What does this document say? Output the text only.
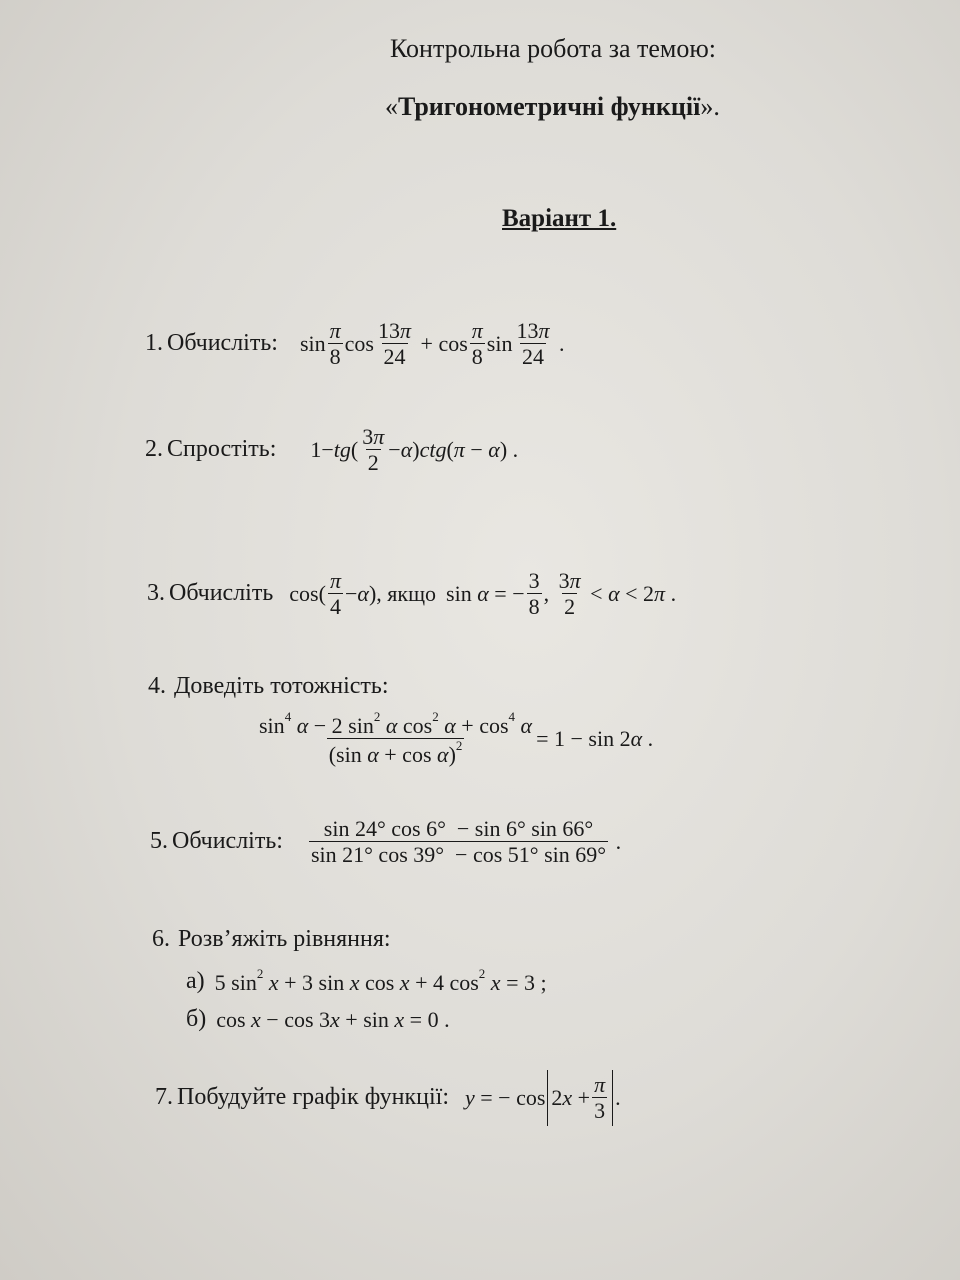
Контрольна робота за темою:
«Тригонометричні функції».
Варіант 1.
1.
Обчисліть: $\sin \frac{\pi}{8}$ $\cos \frac{13\pi}{24} + \cos \frac{\pi}{8}$ $\sin \frac{13\pi}{24}$ .
2.
Спростіть: 1− tg ( $\frac{3\pi}{2} - \alpha$ ) ctg ( π − α ) .
3.
Обчисліть $\cos( \frac{\pi}{4} - \alpha$ ) , якщо sin α = − $\frac{3}{8}$ , $\frac{3\pi}{2} < \alpha < 2$ π .
4. Доведіть тотожність:
$\frac{\sin^4 \alpha - 2 \sin^2 \alpha \cos^2 \alpha + \cos^4 \alpha}{(\sin \alpha + \cos \alpha)^2} = 1 - \sin 2$ α .
5.
Обчисліть: $\frac{\sin 24^\circ \cos 6^\circ - \sin 6^\circ \sin 66^\circ}{\sin 21^\circ \cos 39^\circ - \cos 51^\circ \sin 69^\circ}$ .
6. Розв’яжіть рівняння:
а) 5 $\sin^2 x + 3$ sin x cos x + 4 $\cos^2 x = 3$ ;
б) cos x − cos 3x + sin x = 0 .
7.
Побудуйте графік функції: y = − cos 2 $x + \frac{\pi}{3}$ .
